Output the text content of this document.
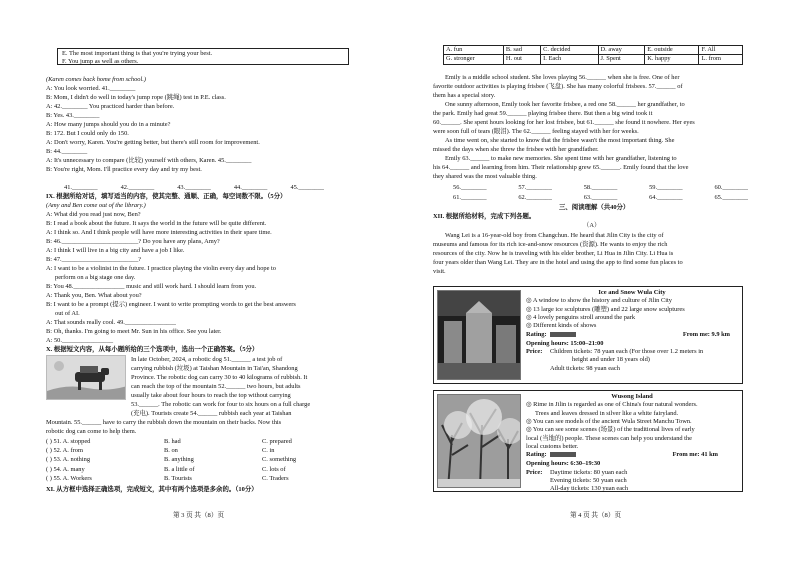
E. The most important thing is that you're trying your best.
F. You jump as well as others.
(Karen comes back home from school.)
A: You look worried. 41.________
B: Mom, I didn't do well in today's jump rope (跳绳) test in P.E. class.
A: 42.________ You practiced harder than before.
B: Yes. 43.________
A: How many jumps should you do in a minute?
B: 172. But I could only do 150.
A: Don't worry, Karen. You're getting better, but there's still room for improvement.
B: 44.________
A: It's unnecessary to compare (比较) yourself with others, Karen. 45.________
B: You're right, Mom. I'll practice every day and try my best.
41.________	42.________	43.________	44.________	45.________
IX. 根据所给对话，填写适当的内容，使其完整、通顺、正确，每空词数不限。（5分）
(Amy and Ben come out of the library.)
A: What did you read just now, Ben?
B: I read a book about the future. It says the world in the future will be quite different.
A: I think so. And I think people will have more interesting activities in their spare time.
B: 46.________________________? Do you have any plans, Amy?
A: I think I will live in a big city and have a job I like.
B: 47.________________________?
A: I want to be a violinist in the future. I practice playing the violin every day and hope to
perform on a big stage one day.
B: You 48.________________ music and still work hard. I should learn from you.
A: Thank you, Ben. What about you?
B: I want to be a prompt (提示) engineer. I want to write prompting words to get the best answers
out of AI.
A: That sounds really cool. 49.________________
B: Oh, thanks. I'm going to meet Mr. Sun in his office. See you later.
A: 50.________________
X. 根据短文内容，从每小题所给的三个选项中，选出一个正确答案。（5分）
In late October, 2024, a robotic dog 51.______ a test job of
carrying rubbish (垃圾) at Taishan Mountain in Tai'an, Shandong
Province. The robotic dog can carry 30 to 40 kilograms of rubbish. It
can reach the top of the mountain 52.______ two hours, but adults
usually take about four hours to reach the top without carrying
53.______. The robotic can work for four to six hours on a full charge
(充电). Tourists create 54.______ rubbish each year at Taishan
Mountain. 55.______ have to carry the rubbish down the mountain on their backs. Now this
robotic dog can come to help them.
( ) 51. A. stopped	B. had	C. prepared
( ) 52. A. from	B. on	C. in
( ) 53. A. nothing	B. anything	C. something
( ) 54. A. many	B. a little of	C. lots of
( ) 55. A. Workers	B. Tourists	C. Traders
XI. 从方框中选择正确选项，完成短文，其中有两个选项是多余的。（10分）
第 3 页 共（8）页
A. fun	B. sad	C. decided	D. away	E. outside	F. All
G. stronger	H. out	I. Each	J. Spent	K. happy	L. from
Emily is a middle school student. She loves playing 56.______ when she is free. One of her
favorite outdoor activities is playing frisbee (飞盘). She has many colorful frisbees. 57.______ of
them has a special story.
One sunny afternoon, Emily took her favorite frisbee, a red one 58.______ her grandfather, to
the park. Emily had great 59.______ playing frisbee there. But then a big wind took it
60.______. She spent hours looking for her lost frisbee, but 61.______ she found it nowhere. Her eyes
were soon full of tears (眼泪). The 62.______ feeling stayed with her for weeks.
As time went on, she started to know that the frisbee wasn't the most important thing. She
missed the days when she threw the frisbee with her grandfather.
Emily 63.______ to make new memories. She spent time with her grandfather, listening to
his 64.______ and learning from him. Their relationship grew 65.______. Emily found that the love
they shared was the most valuable thing.
56.________	57.________	58.________	59.________	60.________
61.________	62.________	63.________	64.________	65.________
三、阅读理解（共40分）
XII. 根据所给材料，完成下列各题。
（A）
Wang Lei is a 16-year-old boy from Changchun. He heard that Jilin City is the city of
museums and famous for its rich ice-and-snow resources (资源). He wants to enjoy the rich
resources of the city. Now he is traveling with his elder brother, Li Hua in Jilin City. Li Hua is
four years older than Wang Lei. They are in the hotel and using the app to find some fun places to
visit.
Ice and Snow Wula City
◎ A window to show the history and culture of Jilin City
◎ 13 large ice sculptures (雕塑) and 22 large snow sculptures
◎ 4 lovely penguins stroll around the park
◎ Different kinds of shows
Rating:	From me: 9.9 km
Opening hours: 15:00–21:00
Price: Children tickets: 78 yuan each (For those over 1.2 meters in
height and under 18 years old)
Adult tickets: 98 yuan each
Wusong Island
◎ Rime in Jilin is regarded as one of China's four natural wonders.
Trees and leaves dressed in silver like a white fairyland.
◎ You can see models of the ancient Wula Street Manchu Town.
◎ You can see some scenes (场景) of the traditional lives of early
local (当地的) people. These scenes can help you understand the
local customs better.
Rating:	From me: 41 km
Opening hours: 6:30–19:30
Price: Daytime tickets: 80 yuan each
Evening tickets: 50 yuan each
All-day tickets: 130 yuan each
第 4 页 共（8）页
